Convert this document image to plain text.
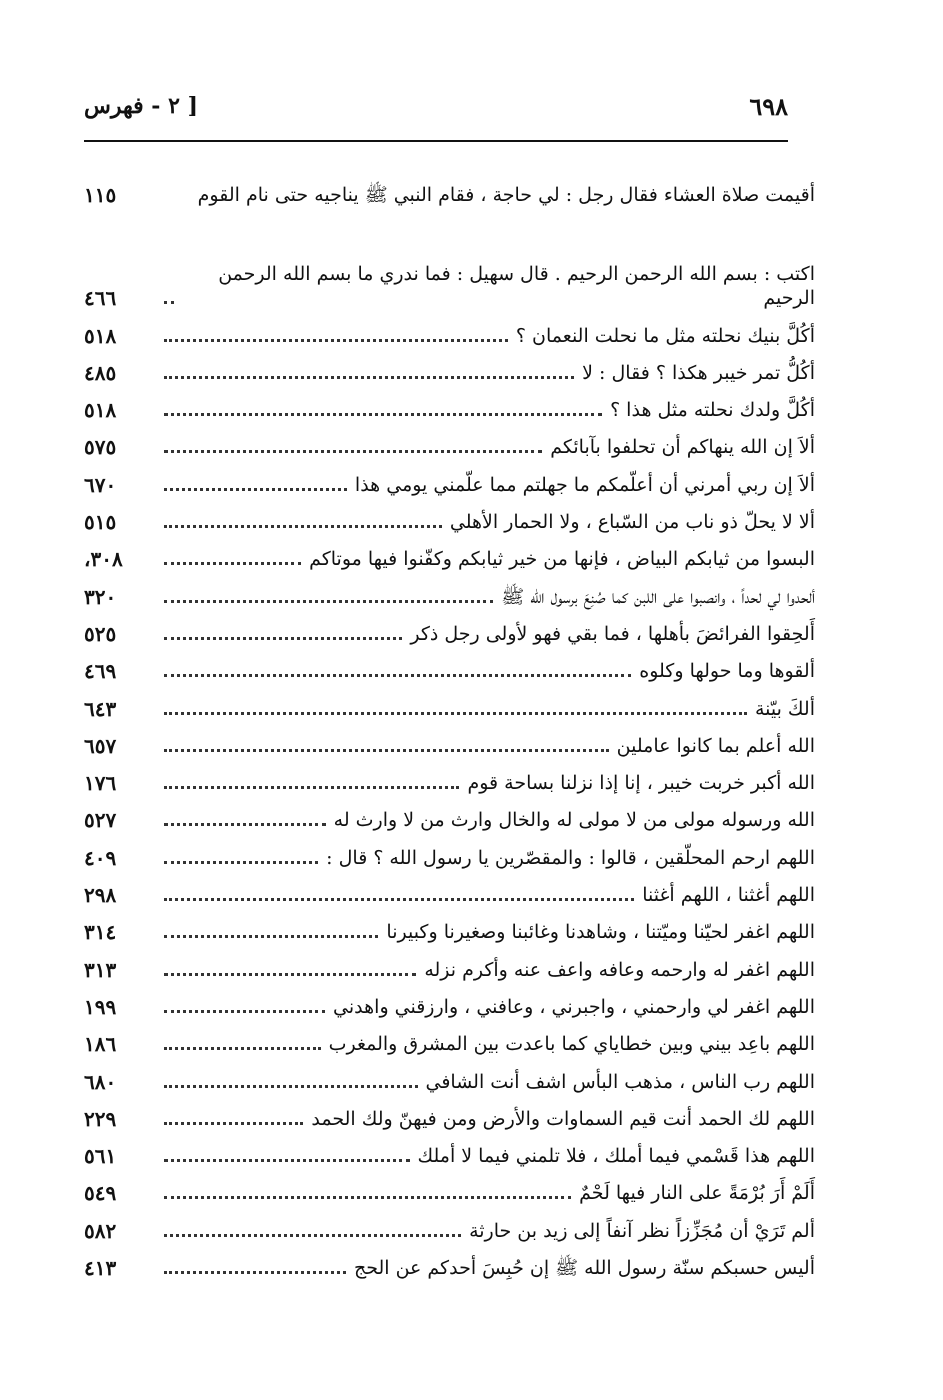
٦٩٨
[ ٢ - فهرس
أقيمت صلاة العشاء فقال رجل : لي حاجة ، فقام النبي ﷺ يناجيه حتى نام القوم
١١٥
اكتب : بسم الله الرحمن الرحيم . قال سهيل : فما ندري ما بسم الله الرحمن الرحيم
٤٦٦
أكُلَّ بنيك نحلته مثل ما نحلت النعمان ؟
٥١٨
أكُلُّ تمر خيبر هكذا ؟ فقال : لا
٤٨٥
أكُلَّ ولدك نحلته مثل هذا ؟
٥١٨
ألاَ إن الله ينهاكم أن تحلفوا بآبائكم
٥٧٥
ألاَ إن ربي أمرني أن أعلّمكم ما جهلتم مما علّمني يومي هذا
٦٧٠
ألا لا يحلّ ذو ناب من السّباع ، ولا الحمار الأهلي
٥١٥
البسوا من ثيابكم البياض ، فإنها من خير ثيابكم وكفّنوا فيها موتاكم
٣٠٨،
ألحدوا لي لحداً ، وانصبوا على اللبن كما صُنِعَ برسول الله ﷺ
٣٢٠
أَلحِقوا الفرائضَ بأهلها ، فما بقي فهو لأولى رجل ذكر
٥٢٥
ألقوها وما حولها وكلوه
٤٦٩
ألكَ بيّنة
٦٤٣
الله أعلم بما كانوا عاملين
٦٥٧
الله أكبر خربت خيبر ، إنا إذا نزلنا بساحة قوم
١٧٦
الله ورسوله مولى من لا مولى له والخال وارث من لا وارث له
٥٢٧
اللهم ارحم المحلّقين ، قالوا : والمقصّرين يا رسول الله ؟ قال :
٤٠٩
اللهم أغثنا ، اللهم أغثنا
٢٩٨
اللهم اغفر لحيّنا وميّتنا ، وشاهدنا وغائبنا وصغيرنا وكبيرنا
٣١٤
اللهم اغفر له وارحمه وعافه واعف عنه وأكرم نزله
٣١٣
اللهم اغفر لي وارحمني ، واجبرني ، وعافني ، وارزقني واهدني
١٩٩
اللهم باعِد بيني وبين خطاياي كما باعدت بين المشرق والمغرب
١٨٦
اللهم رب الناس ، مذهب البأس اشف أنت الشافي
٦٨٠
اللهم لك الحمد أنت قيم السماوات والأرض ومن فيهنّ ولك الحمد
٢٢٩
اللهم هذا قَسْمي فيما أملك ، فلا تلمني فيما لا أملك
٥٦١
أَلَمْ أَرَ بُرْمَةً على النار فيها لَحْمٌ
٥٤٩
ألم تَرَيْ أن مُجَزِّزاً نظر آنفاً إلى زيد بن حارثة
٥٨٢
أليس حسبكم سنّة رسول الله ﷺ إن حُبِسَ أحدكم عن الحج
٤١٣
